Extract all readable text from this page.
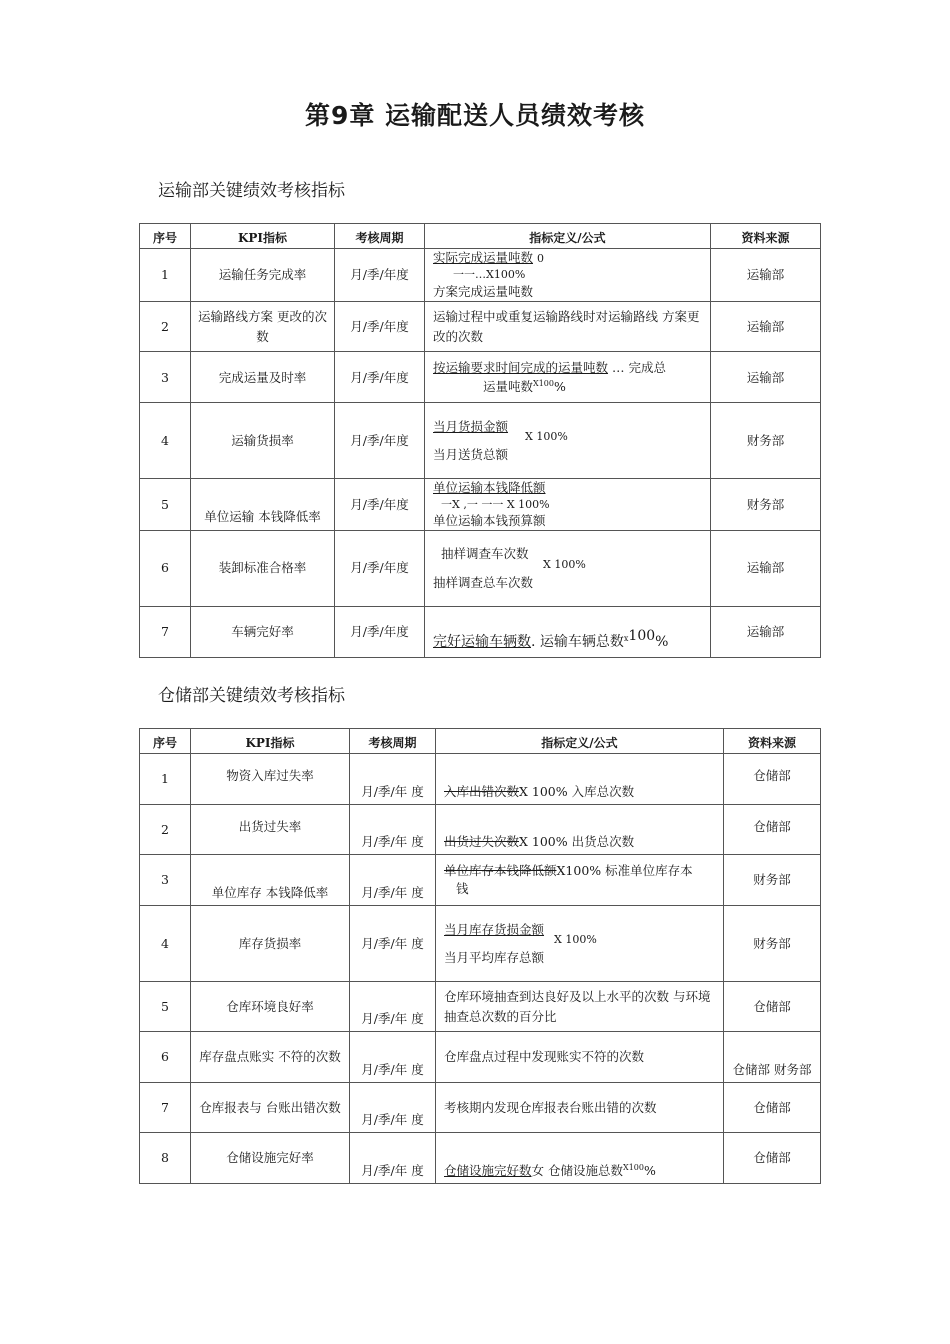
第9章 运输配送人员绩效考核
运输部关键绩效考核指标
序号	KPI指标	考核周期	指标定义/公式	资料来源
1	运输任务完成率	月/季/年度	实际完成运量吨数 0
一一…X100%
方案完成运量吨数	运输部
2	运输路线方案 更改的次数	月/季/年度	运输过程中或重复运输路线时对运输路线 方案更改的次数	运输部
3	完成运量及时率	月/季/年度	按运输要求时间完成的运量吨数 … 完成总
运量吨数$^{X100}$%	运输部
4	运输货损率	月/季/年度	当月货损金额
X 100%
当月送货总额	财务部
5	单位运输 本钱降低率	月/季/年度	单位运输本钱降低额
一X ,一 一一 X 100%
单位运输本钱预算额	财务部
6	装卸标准合格率	月/季/年度	抽样调查车次数
X 100%
抽样调查总车次数	运输部
7	车辆完好率	月/季/年度	完好运输车辆数. 运输车辆总数$^x$100%	运输部
仓储部关键绩效考核指标
序号	KPI指标	考核周期	指标定义/公式	资料来源
1	物资入库过失率	月/季/年 度	入库出错次数X 100% 入库总次数	仓储部
2	出货过失率	月/季/年 度	出货过失次数X 100% 出货总次数	仓储部
3	单位库存 本钱降低率	月/季/年 度	单位库存本钱降低额X100% 标准单位库存本
钱	财务部
4	库存货损率	月/季/年 度	当月库存货损金额
X 100%
当月平均库存总额	财务部
5	仓库环境良好率	月/季/年 度	仓库环境抽查到达良好及以上水平的次数 与环境抽查总次数的百分比	仓储部
6	库存盘点账实 不符的次数	月/季/年 度	仓库盘点过程中发现账实不符的次数	仓储部 财务部
7	仓库报表与 台账出错次数	月/季/年 度	考核期内发现仓库报表台账出错的次数	仓储部
8	仓储设施完好率	月/季/年 度	仓储设施完好数女 仓储设施总数$^{X100}$%	仓储部
